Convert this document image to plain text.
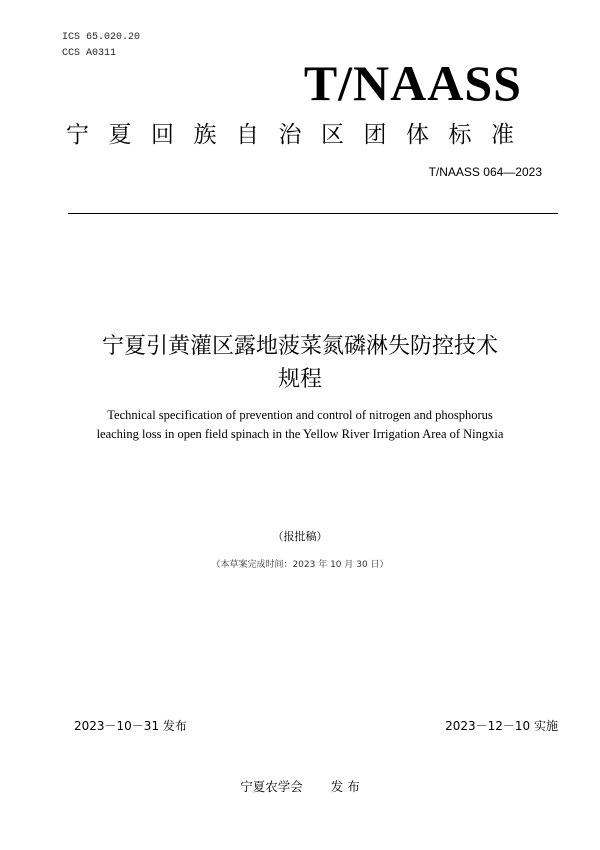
ICS 65.020.20
CCS A0311
T/NAASS
宁夏回族自治区团体标准
T/NAASS 064—2023
宁夏引黄灌区露地菠菜氮磷淋失防控技术
规程
Technical specification of prevention and control of nitrogen and phosphorus
leaching loss in open field spinach in the Yellow River Irrigation Area of Ningxia
（报批稿）
（本草案完成时间：2023 年 10 月 30 日）
2023－10－31 发布	2023－12－10 实施
宁夏农学会 发 布
